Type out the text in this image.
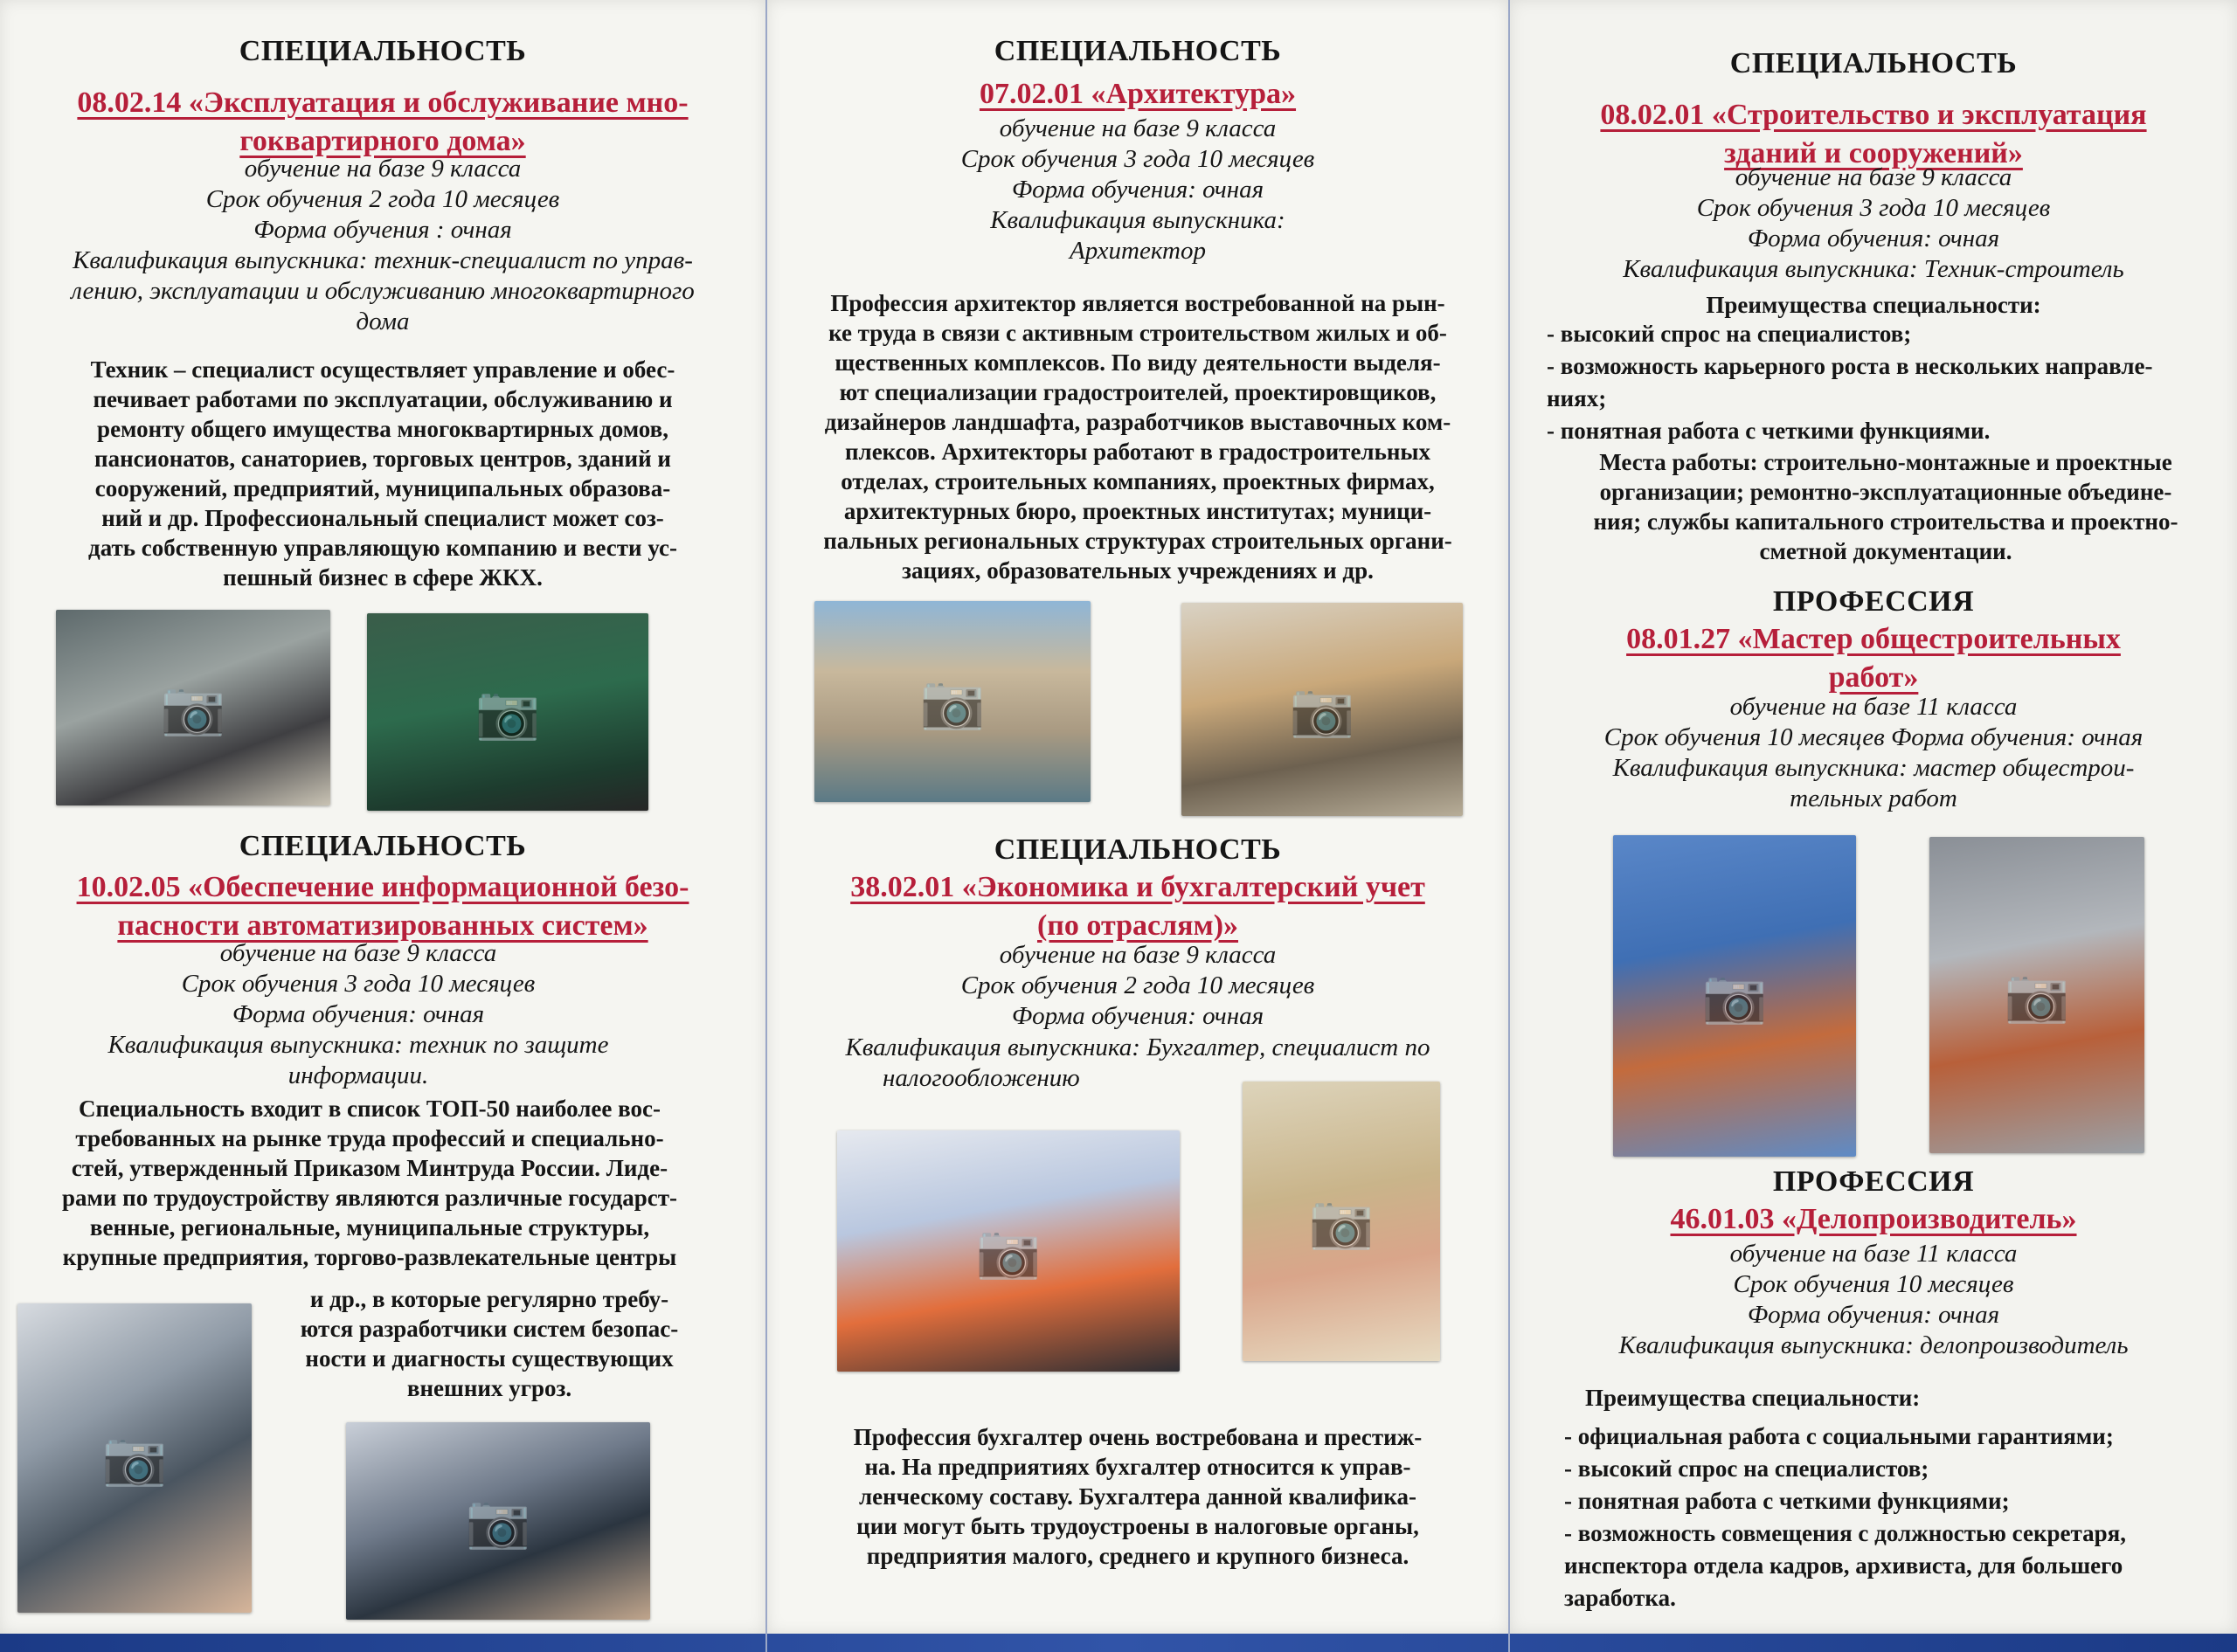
СПЕЦИАЛЬНОСТЬ
08.02.14 «Эксплуатация и обслуживание мно-
гоквартирного дома»
обучение на базе 9 класса
Срок обучения 2 года 10 месяцев
Форма обучения : очная
Квалификация выпускника: техник-специалист по управ-
лению, эксплуатации и обслуживанию многоквартирного
дома
Техник – специалист осуществляет управление и обес-
печивает работами по эксплуатации, обслуживанию и
ремонту общего имущества многоквартирных домов,
пансионатов, санаториев, торговых центров, зданий и
сооружений, предприятий, муниципальных образова-
ний и др. Профессиональный специалист может соз-
дать собственную управляющую компанию и вести ус-
пешный бизнес в сфере ЖКХ.
📷	📷
СПЕЦИАЛЬНОСТЬ
10.02.05 «Обеспечение информационной безо-
пасности автоматизированных систем»
обучение на базе 9 класса
Срок обучения 3 года 10 месяцев
Форма обучения: очная
Квалификация выпускника: техник по защите
информации.
Специальность входит в список ТОП-50 наиболее вос-
требованных на рынке труда профессий и специально-
стей, утвержденный Приказом Минтруда России. Лиде-
рами по трудоустройству являются различные государст-
венные, региональные, муниципальные структуры,
крупные предприятия, торгово-развлекательные центры
и др., в которые регулярно требу-
ются разработчики систем безопас-
ности и диагносты существующих
внешних угроз.
📷
📷
СПЕЦИАЛЬНОСТЬ
07.02.01 «Архитектура»
обучение на базе 9 класса
Срок обучения 3 года 10 месяцев
Форма обучения: очная
Квалификация выпускника:
Архитектор
Профессия архитектор является востребованной на рын-
ке труда в связи с активным строительством жилых и об-
щественных комплексов. По виду деятельности выделя-
ют специализации градостроителей, проектировщиков,
дизайнеров ландшафта, разработчиков выставочных ком-
плексов. Архитекторы работают в градостроительных
отделах, строительных компаниях, проектных фирмах,
архитектурных бюро, проектных институтах; муници-
пальных региональных структурах строительных органи-
зациях, образовательных учреждениях и др.
📷	📷
СПЕЦИАЛЬНОСТЬ
38.02.01 «Экономика и бухгалтерский учет
(по отраслям)»
обучение на базе 9 класса
Срок обучения 2 года 10 месяцев
Форма обучения: очная
Квалификация выпускника: Бухгалтер, специалист по
налогообложению
📷	📷
Профессия бухгалтер очень востребована и престиж-
на. На предприятиях бухгалтер относится к управ-
ленческому составу. Бухгалтера данной квалифика-
ции могут быть трудоустроены в налоговые органы,
предприятия малого, среднего и крупного бизнеса.
СПЕЦИАЛЬНОСТЬ
08.02.01 «Строительство и эксплуатация
зданий и сооружений»
обучение на базе 9 класса
Срок обучения 3 года 10 месяцев
Форма обучения: очная
Квалификация выпускника: Техник-строитель
Преимущества специальности:
- высокий спрос на специалистов;
- возможность карьерного роста в нескольких направле-
ниях;
- понятная работа с четкими функциями.
Места работы: строительно-монтажные и проектные
организации; ремонтно-эксплуатационные объедине-
ния; службы капитального строительства и проектно-
сметной документации.
ПРОФЕССИЯ
08.01.27 «Мастер общестроительных
работ»
обучение на базе 11 класса
Срок обучения 10 месяцев Форма обучения: очная
Квалификация выпускника: мастер общестрои-
тельных работ
📷	📷
ПРОФЕССИЯ
46.01.03 «Делопроизводитель»
обучение на базе 11 класса
Срок обучения 10 месяцев
Форма обучения: очная
Квалификация выпускника: делопроизводитель
Преимущества специальности:
- официальная работа с социальными гарантиями;
- высокий спрос на специалистов;
- понятная работа с четкими функциями;
- возможность совмещения с должностью секретаря,
инспектора отдела кадров, архивиста, для большего
заработка.
